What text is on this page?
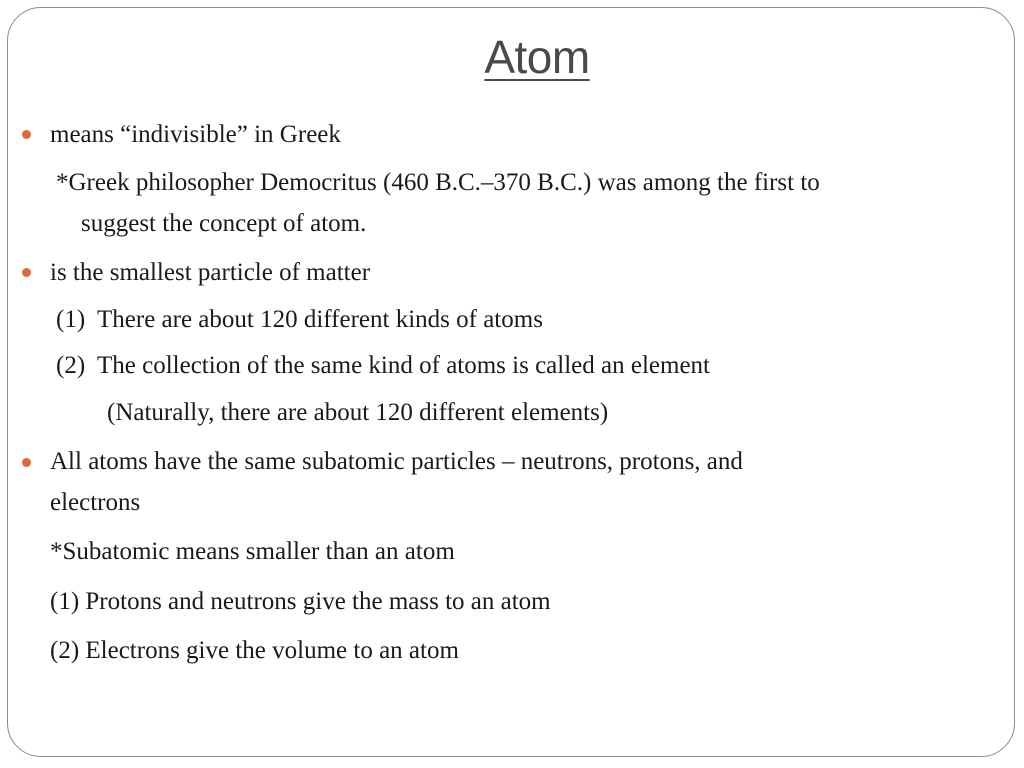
Atom

means “indivisible” in Greek

*Greek philosopher Democritus (460 B.C.–370 B.C.) was among the first to

suggest the concept of atom.

is the smallest particle of matter

(1) There are about 120 different kinds of atoms

(2) The collection of the same kind of atoms is called an element

(Naturally, there are about 120 different elements)

All atoms have the same subatomic particles – neutrons, protons, and

electrons

*Subatomic means smaller than an atom

(1) Protons and neutrons give the mass to an atom

(2) Electrons give the volume to an atom
